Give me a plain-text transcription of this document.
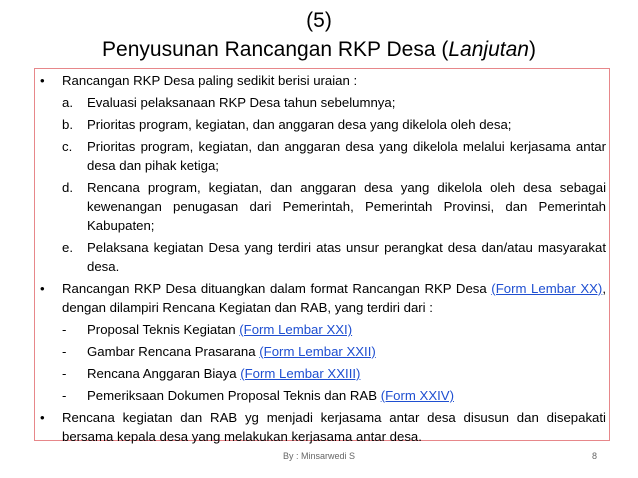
(5)
Penyusunan Rancangan RKP Desa (Lanjutan)
• Rancangan RKP Desa paling sedikit berisi uraian :
a. Evaluasi pelaksanaan RKP Desa tahun sebelumnya;
b. Prioritas program, kegiatan, dan anggaran desa yang dikelola oleh desa;
c. Prioritas program, kegiatan, dan anggaran desa yang dikelola melalui kerjasama antar desa dan pihak ketiga;
d. Rencana program, kegiatan, dan anggaran desa yang dikelola oleh desa sebagai kewenangan penugasan dari Pemerintah, Pemerintah Provinsi, dan Pemerintah Kabupaten;
e. Pelaksana kegiatan Desa yang terdiri atas unsur perangkat desa dan/atau masyarakat desa.
• Rancangan RKP Desa dituangkan dalam format Rancangan RKP Desa (Form Lembar XX), dengan dilampiri Rencana Kegiatan dan RAB, yang terdiri dari :
- Proposal Teknis Kegiatan (Form Lembar XXI)
- Gambar Rencana Prasarana (Form Lembar XXII)
- Rencana Anggaran Biaya (Form Lembar XXIII)
- Pemeriksaan Dokumen Proposal Teknis dan RAB (Form XXIV)
• Rencana kegiatan dan RAB yg menjadi kerjasama antar desa disusun dan disepakati bersama kepala desa yang melakukan kerjasama antar desa.
By : Minsarwedi S	8
